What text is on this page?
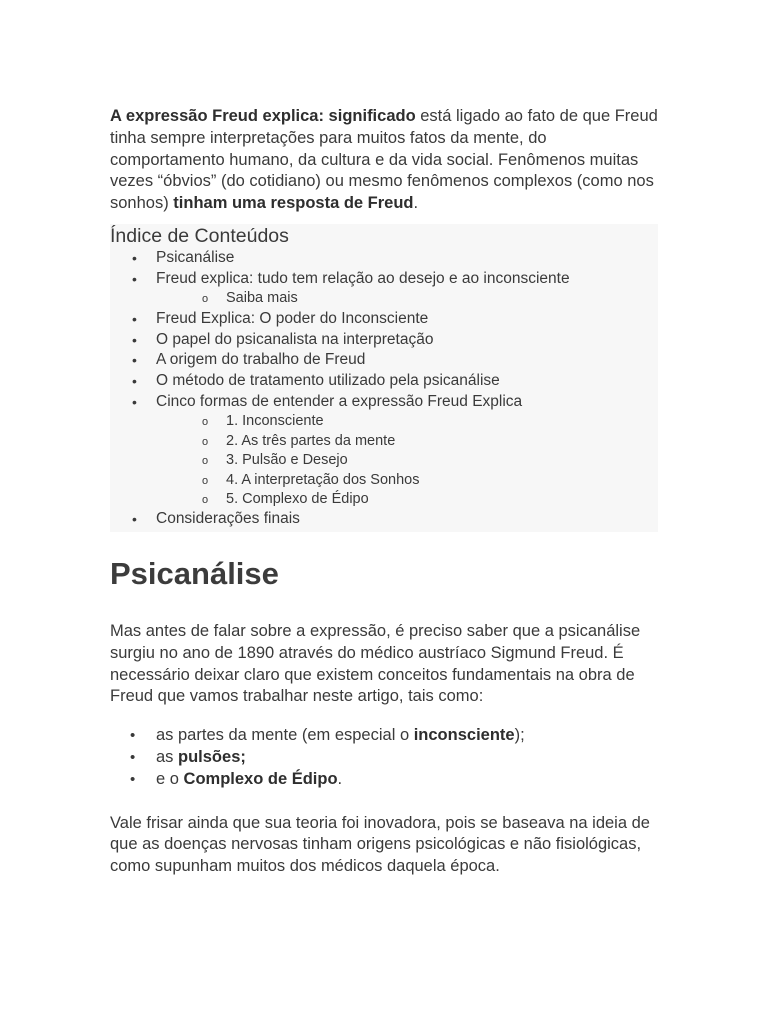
A expressão Freud explica: significado está ligado ao fato de que Freud tinha sempre interpretações para muitos fatos da mente, do comportamento humano, da cultura e da vida social. Fenômenos muitas vezes “óbvios” (do cotidiano) ou mesmo fenômenos complexos (como nos sonhos) tinham uma resposta de Freud.

Índice de Conteúdos
• Psicanálise
• Freud explica: tudo tem relação ao desejo e ao inconsciente
o Saiba mais
• Freud Explica: O poder do Inconsciente
• O papel do psicanalista na interpretação
• A origem do trabalho de Freud
• O método de tratamento utilizado pela psicanálise
• Cinco formas de entender a expressão Freud Explica
o 1. Inconsciente
o 2. As três partes da mente
o 3. Pulsão e Desejo
o 4. A interpretação dos Sonhos
o 5. Complexo de Édipo
• Considerações finais
Psicanálise

Mas antes de falar sobre a expressão, é preciso saber que a psicanálise surgiu no ano de 1890 através do médico austríaco Sigmund Freud. É necessário deixar claro que existem conceitos fundamentais na obra de Freud que vamos trabalhar neste artigo, tais como:

• as partes da mente (em especial o inconsciente);
• as pulsões;
• e o Complexo de Édipo.

Vale frisar ainda que sua teoria foi inovadora, pois se baseava na ideia de que as doenças nervosas tinham origens psicológicas e não fisiológicas, como supunham muitos dos médicos daquela época.
